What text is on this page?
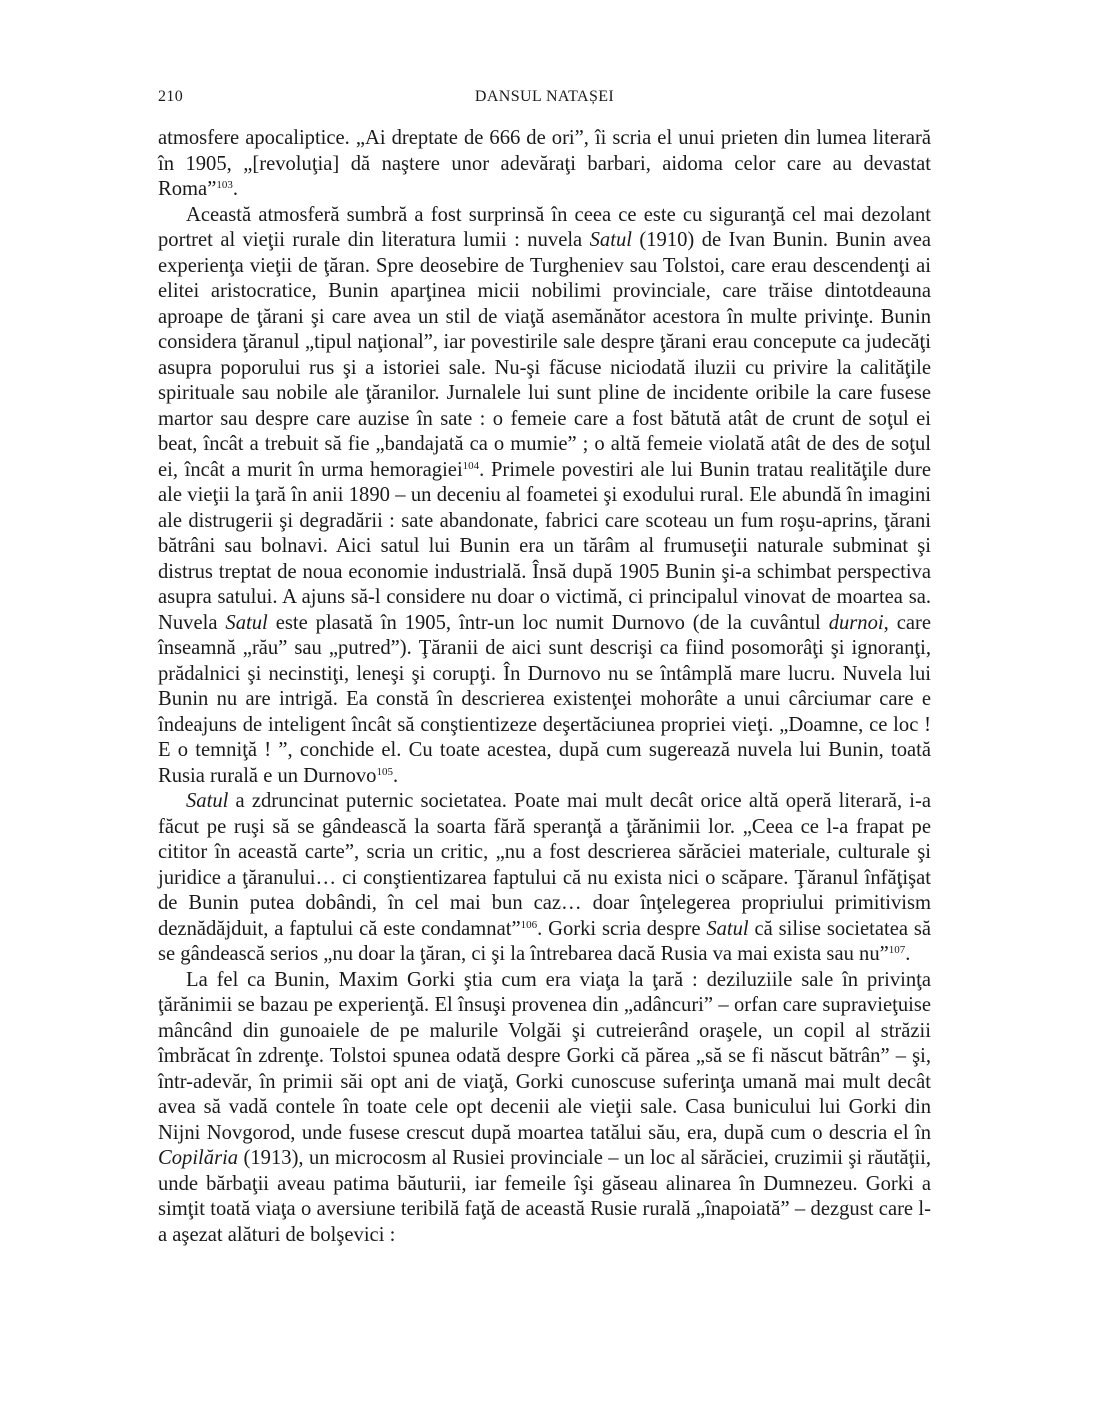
210	DANSUL NATAȘEI

atmosfere apocaliptice. „Ai dreptate de 666 de ori”, îi scria el unui prieten din lumea literară în 1905, „[revoluţia] dă naştere unor adevăraţi barbari, aidoma celor care au devastat Roma”$^{103}$.

Această atmosferă sumbră a fost surprinsă în ceea ce este cu siguranţă cel mai dezolant portret al vieţii rurale din literatura lumii : nuvela Satul (1910) de Ivan Bunin. Bunin avea experienţa vieţii de ţăran. Spre deosebire de Turgheniev sau Tolstoi, care erau descendenţi ai elitei aristocratice, Bunin aparţinea micii nobilimi provinciale, care trăise dintotdeauna aproape de ţărani şi care avea un stil de viaţă asemănător acestora în multe privinţe. Bunin considera ţăranul „tipul naţional”, iar povestirile sale despre ţărani erau concepute ca judecăţi asupra poporului rus şi a istoriei sale. Nu-şi făcuse niciodată iluzii cu privire la calităţile spirituale sau nobile ale ţăranilor. Jurnalele lui sunt pline de incidente oribile la care fusese martor sau despre care auzise în sate : o femeie care a fost bătută atât de crunt de soţul ei beat, încât a trebuit să fie „bandajată ca o mumie” ; o altă femeie violată atât de des de soţul ei, încât a murit în urma hemoragiei$^{104}$. Primele povestiri ale lui Bunin tratau realităţile dure ale vieţii la ţară în anii 1890 – un deceniu al foametei şi exodului rural. Ele abundă în imagini ale distrugerii şi degradării : sate abandonate, fabrici care scoteau un fum roşu-aprins, ţărani bătrâni sau bolnavi. Aici satul lui Bunin era un tărâm al frumuseţii naturale subminat şi distrus treptat de noua economie industrială. Însă după 1905 Bunin şi-a schimbat perspectiva asupra satului. A ajuns să-l considere nu doar o victimă, ci principalul vinovat de moartea sa. Nuvela Satul este plasată în 1905, într-un loc numit Durnovo (de la cuvântul durnoi, care înseamnă „rău” sau „putred”). Ţăranii de aici sunt descrişi ca fiind posomorâţi şi ignoranţi, prădalnici şi necinstiţi, leneşi şi corupţi. În Durnovo nu se întâmplă mare lucru. Nuvela lui Bunin nu are intrigă. Ea constă în descrierea existenţei mohorâte a unui cârciumar care e îndeajuns de inteligent încât să conştientizeze deşertăciunea propriei vieţi. „Doamne, ce loc ! E o temniţă ! ”, conchide el. Cu toate acestea, după cum sugerează nuvela lui Bunin, toată Rusia rurală e un Durnovo$^{105}$.

Satul a zdruncinat puternic societatea. Poate mai mult decât orice altă operă literară, i-a făcut pe ruşi să se gândească la soarta fără speranţă a ţărănimii lor. „Ceea ce l-a frapat pe cititor în această carte”, scria un critic, „nu a fost descrierea sărăciei materiale, culturale şi juridice a ţăranului… ci conştientizarea faptului că nu exista nici o scăpare. Ţăranul înfăţişat de Bunin putea dobândi, în cel mai bun caz… doar înţelegerea propriului primitivism deznădăjduit, a faptului că este condamnat”$^{106}$. Gorki scria despre Satul că silise societatea să se gândească serios „nu doar la ţăran, ci şi la întrebarea dacă Rusia va mai exista sau nu”$^{107}$.

La fel ca Bunin, Maxim Gorki ştia cum era viaţa la ţară : deziluziile sale în privinţa ţărănimii se bazau pe experienţă. El însuşi provenea din „adâncuri” – orfan care supravieţuise mâncând din gunoaiele de pe malurile Volgăi şi cutreierând oraşele, un copil al străzii îmbrăcat în zdrenţe. Tolstoi spunea odată despre Gorki că părea „să se fi născut bătrân” – şi, într-adevăr, în primii săi opt ani de viaţă, Gorki cunoscuse suferinţa umană mai mult decât avea să vadă contele în toate cele opt decenii ale vieţii sale. Casa bunicului lui Gorki din Nijni Novgorod, unde fusese crescut după moartea tatălui său, era, după cum o descria el în Copilăria (1913), un microcosm al Rusiei provinciale – un loc al sărăciei, cruzimii şi răutăţii, unde bărbaţii aveau patima băuturii, iar femeile îşi găseau alinarea în Dumnezeu. Gorki a simţit toată viaţa o aversiune teribilă faţă de această Rusie rurală „înapoiată” – dezgust care l-a aşezat alături de bolşevici :
